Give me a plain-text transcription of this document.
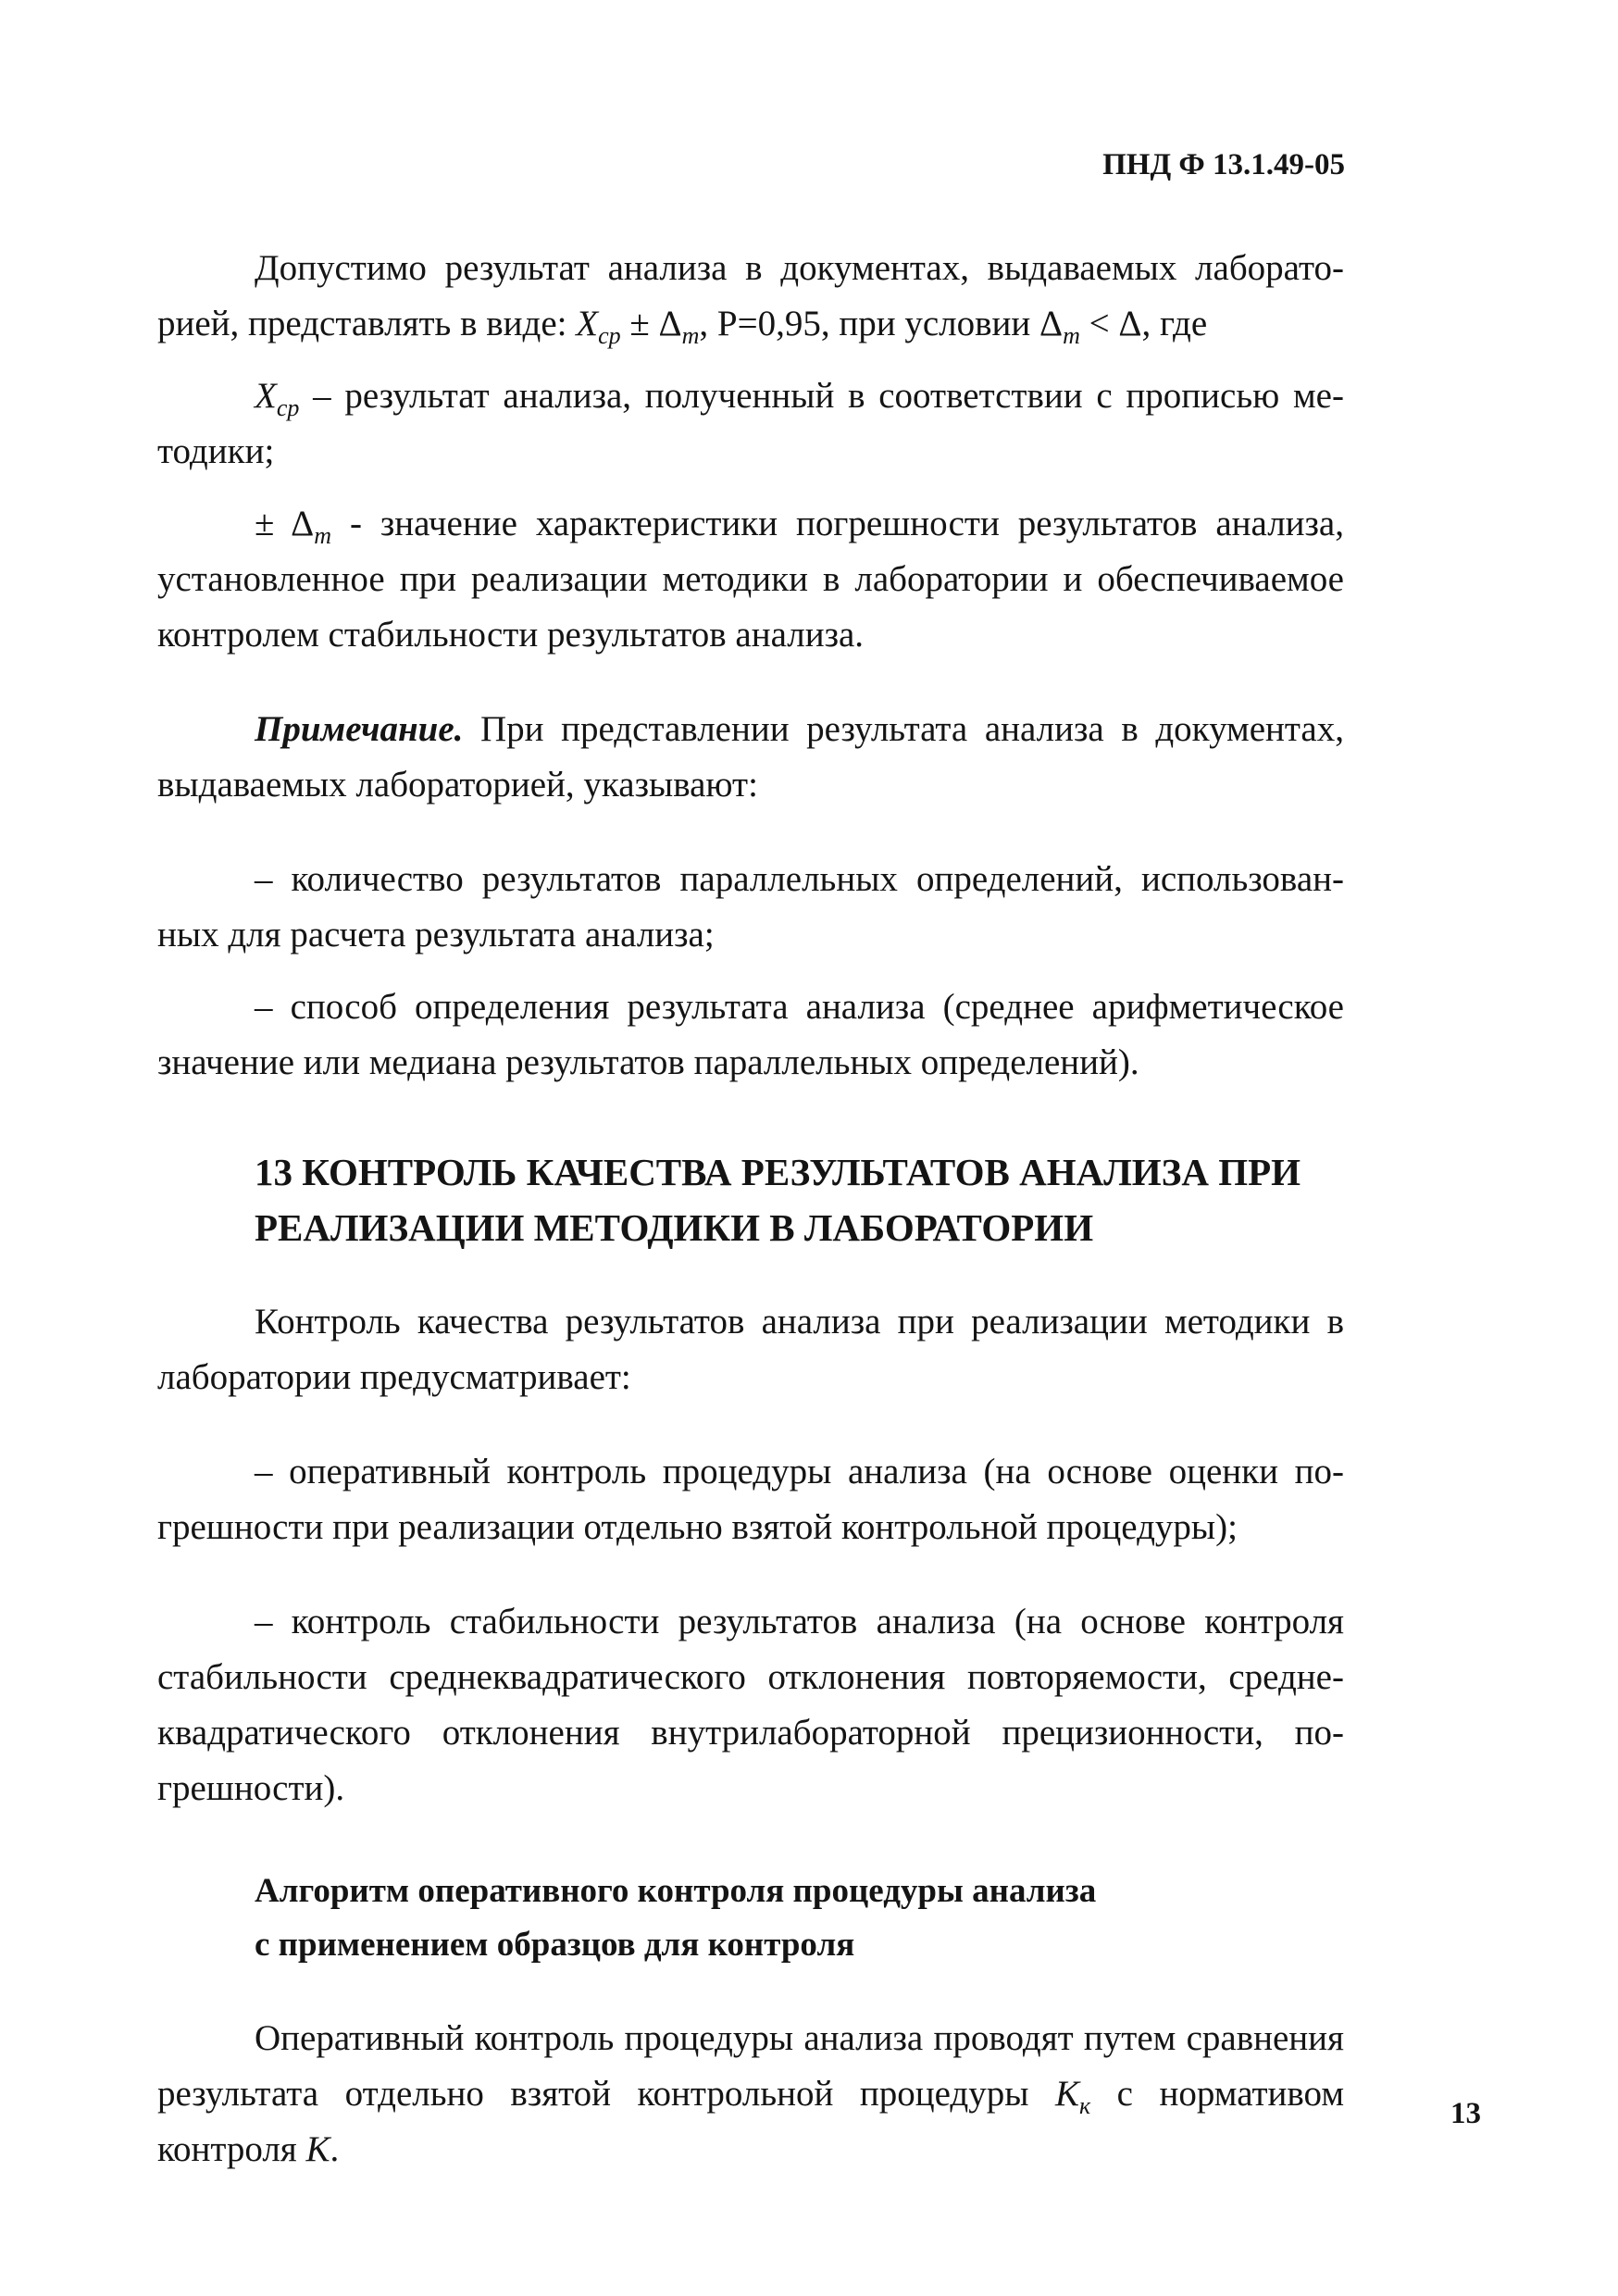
ПНД Ф 13.1.49-05

Допустимо результат анализа в документах, выдаваемых лабораторией, представлять в виде: $X_{ср} \pm \Delta_т$, Р=0,95, при условии $\Delta_т < \Delta$, где

$X_{ср}$ – результат анализа, полученный в соответствии с прописью методики;

± $\Delta_т$ - значение характеристики погрешности результатов анализа, установленное при реализации методики в лаборатории и обеспечиваемое контролем стабильности результатов анализа.

Примечание. При представлении результата анализа в документах, выдаваемых лабораторией, указывают:

– количество результатов параллельных определений, использованных для расчета результата анализа;

– способ определения результата анализа (среднее арифметическое значение или медиана результатов параллельных определений).

13 КОНТРОЛЬ КАЧЕСТВА РЕЗУЛЬТАТОВ АНАЛИЗА ПРИ РЕАЛИЗАЦИИ МЕТОДИКИ В ЛАБОРАТОРИИ

Контроль качества результатов анализа при реализации методики в лаборатории предусматривает:

– оперативный контроль процедуры анализа (на основе оценки погрешности при реализации отдельно взятой контрольной процедуры);

– контроль стабильности результатов анализа (на основе контроля стабильности среднеквадратического отклонения повторяемости, среднеквадратического отклонения внутрилабораторной прецизионности, погрешности).

Алгоритм оперативного контроля процедуры анализа
с применением образцов для контроля

Оперативный контроль процедуры анализа проводят путем сравнения результата отдельно взятой контрольной процедуры $K_к$ с нормативом контроля K.

13
